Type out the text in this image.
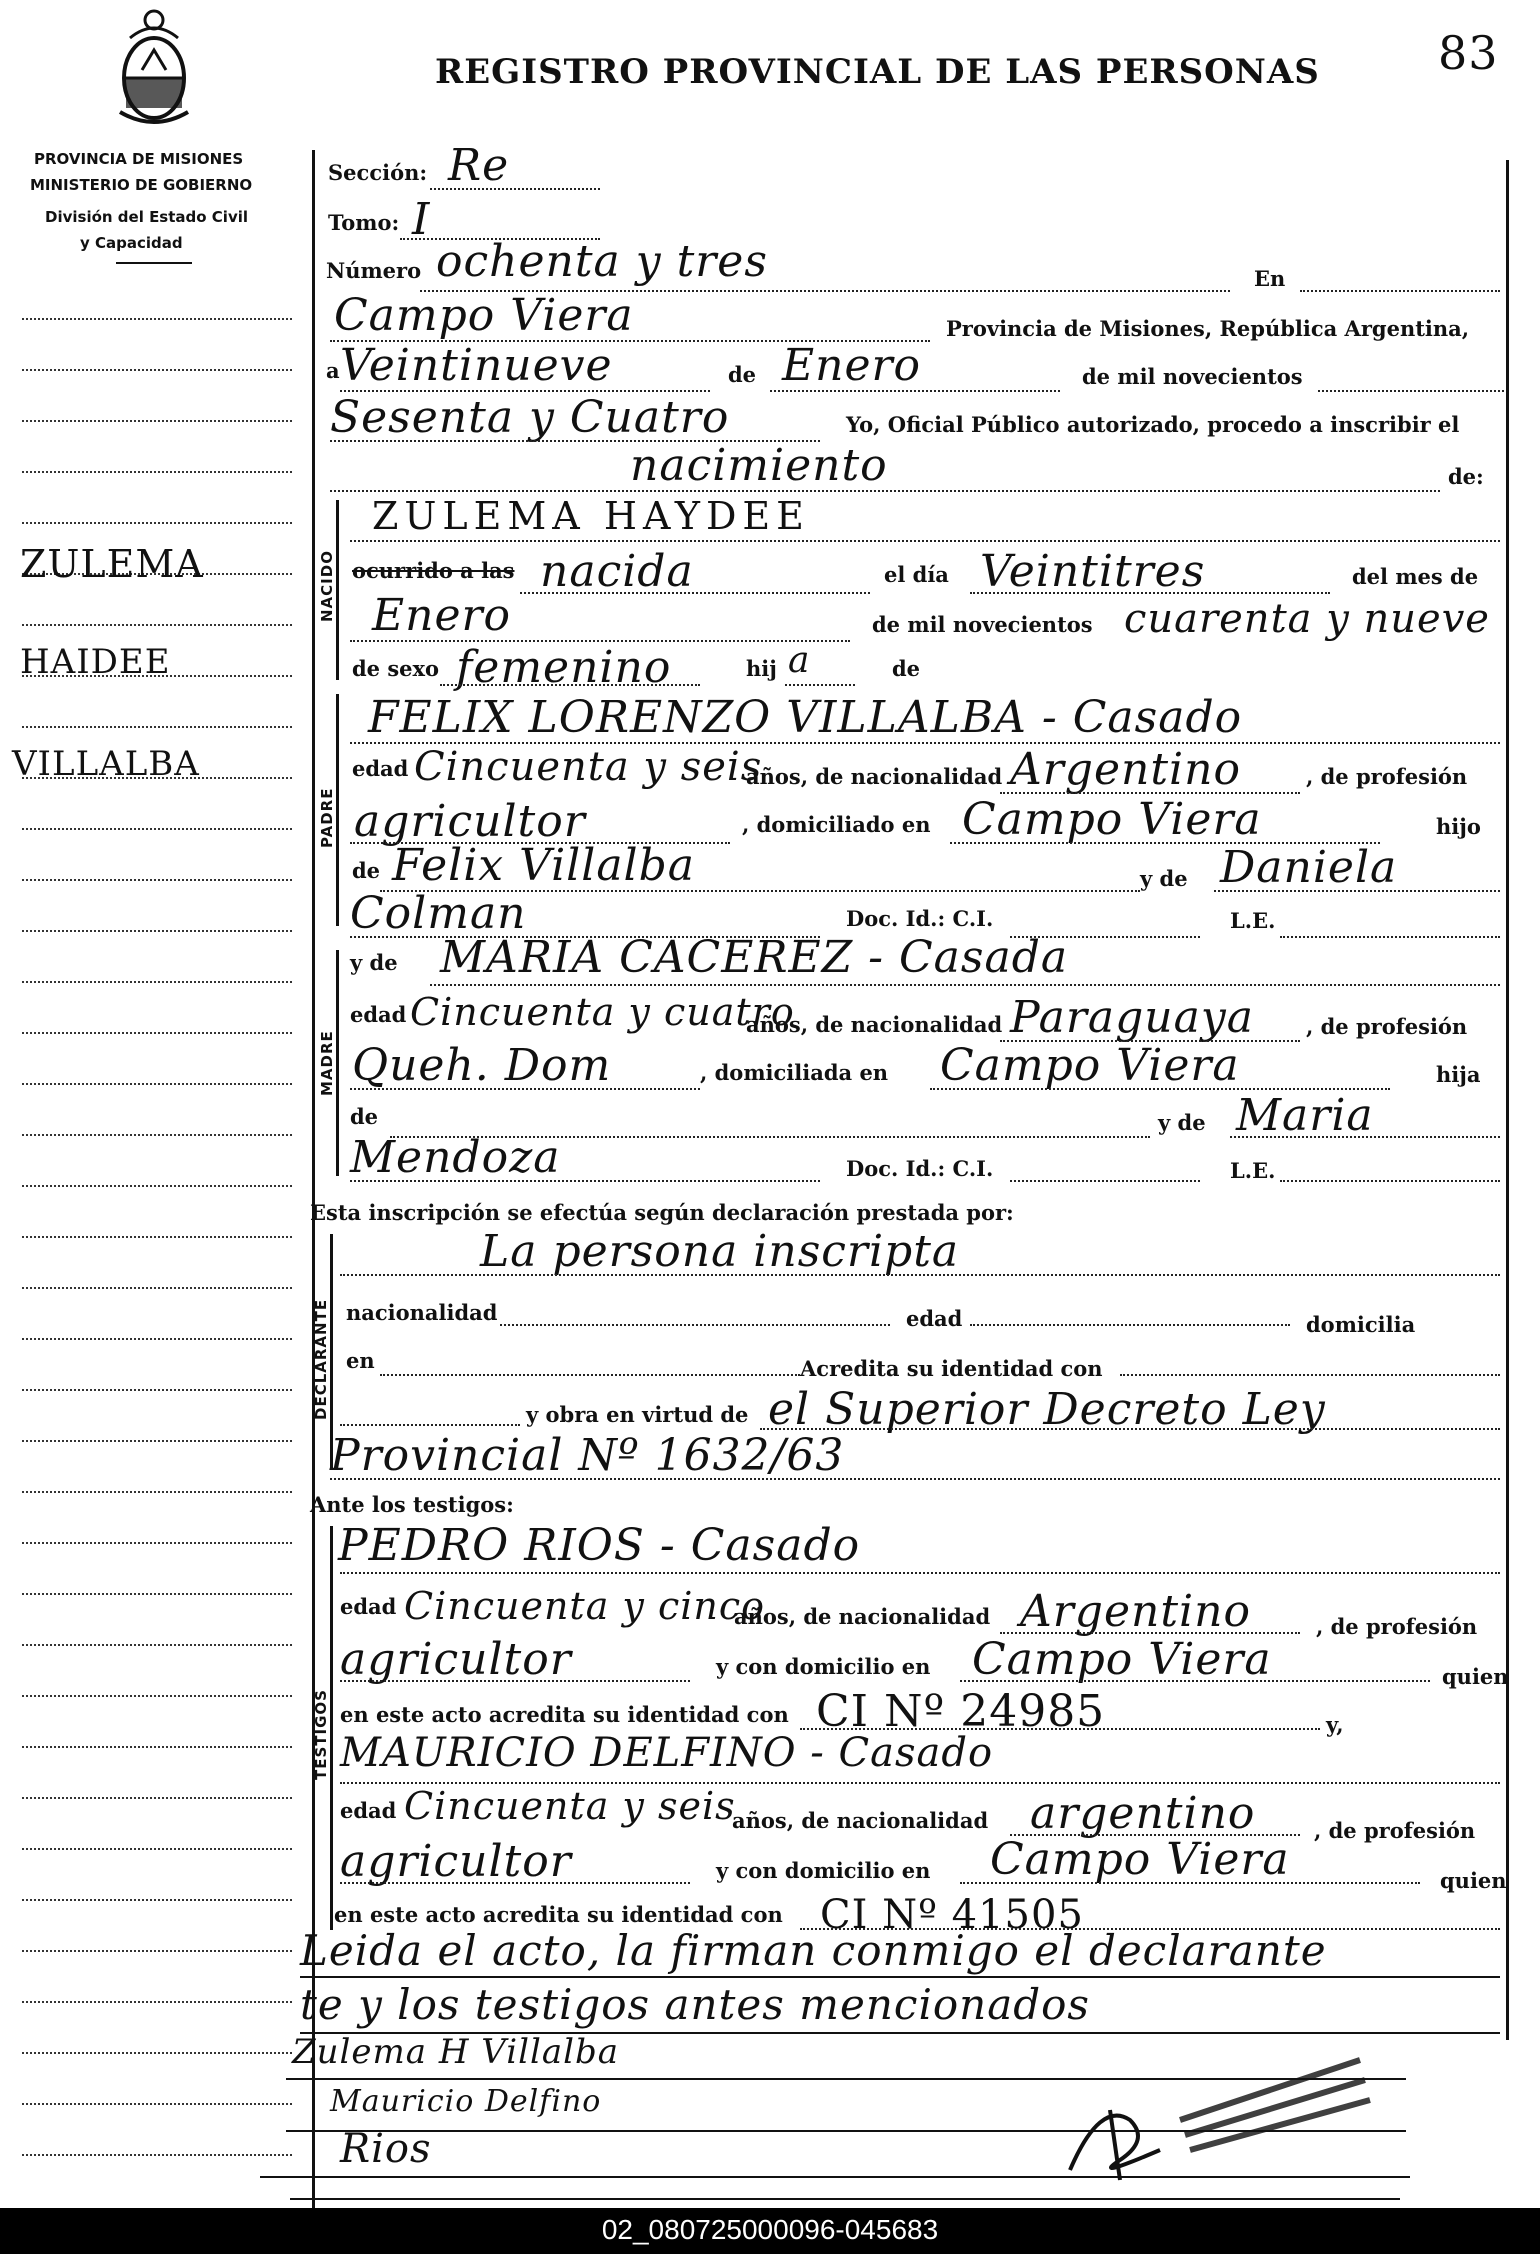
REGISTRO PROVINCIAL DE LAS PERSONAS	83
PROVINCIA DE MISIONES
MINISTERIO DE GOBIERNO
División del Estado Civil
y Capacidad
ZULEMA
HAIDEE
VILLALBA
Sección: Re
Tomo: I
Número ochenta y tres	En
Campo Viera	Provincia de Misiones, República Argentina,
a Veintinueve	de Enero	de mil novecientos
Sesenta y Cuatro	Yo, Oficial Público autorizado, procedo a inscribir el
nacimiento	de:
NACIDO
ZULEMA HAYDEE
ocurrido a las nacida	el día Veintitres	del mes de
Enero	de mil novecientos cuarenta y nueve
de sexo femenino	hij a	de
PADRE
FELIX LORENZO VILLALBA - Casado
edad Cincuenta y seis
años, de nacionalidad Argentino	, de profesión
agricultor	, domiciliado en Campo Viera	hijo
de Felix Villalba	y de Daniela
Colman	Doc. Id.: C.I.	L.E.
MADRE
y de MARIA CACEREZ - Casada
edad Cincuenta y cuatro
años, de nacionalidad Paraguaya , de profesión
Queh. Dom	, domiciliada en Campo Viera	hija
de	y de Maria
Mendoza	Doc. Id.: C.I.	L.E.
Esta inscripción se efectúa según declaración prestada por:
DECLARANTE
La persona inscripta
nacionalidad	edad	domicilia
en	Acredita su identidad con
y obra en virtud de el Superior Decreto Ley
Provincial Nº 1632/63
Ante los testigos:
TESTIGOS
PEDRO RIOS - Casado
edad Cincuenta y cinco
años, de nacionalidad Argentino	, de profesión
agricultor	y con domicilio en Campo Viera	quien
en este acto acredita su identidad con CI Nº 24985	y,
MAURICIO DELFINO - Casado
edad Cincuenta y seis
años, de nacionalidad argentino	, de profesión
agricultor	y con domicilio en Campo Viera	quien
en este acto acredita su identidad con CI Nº 41505
Leida el acto, la firman conmigo el declarante
te y los testigos antes mencionados
Zulema H Villalba
Mauricio Delfino
Rios
02_080725000096-045683
